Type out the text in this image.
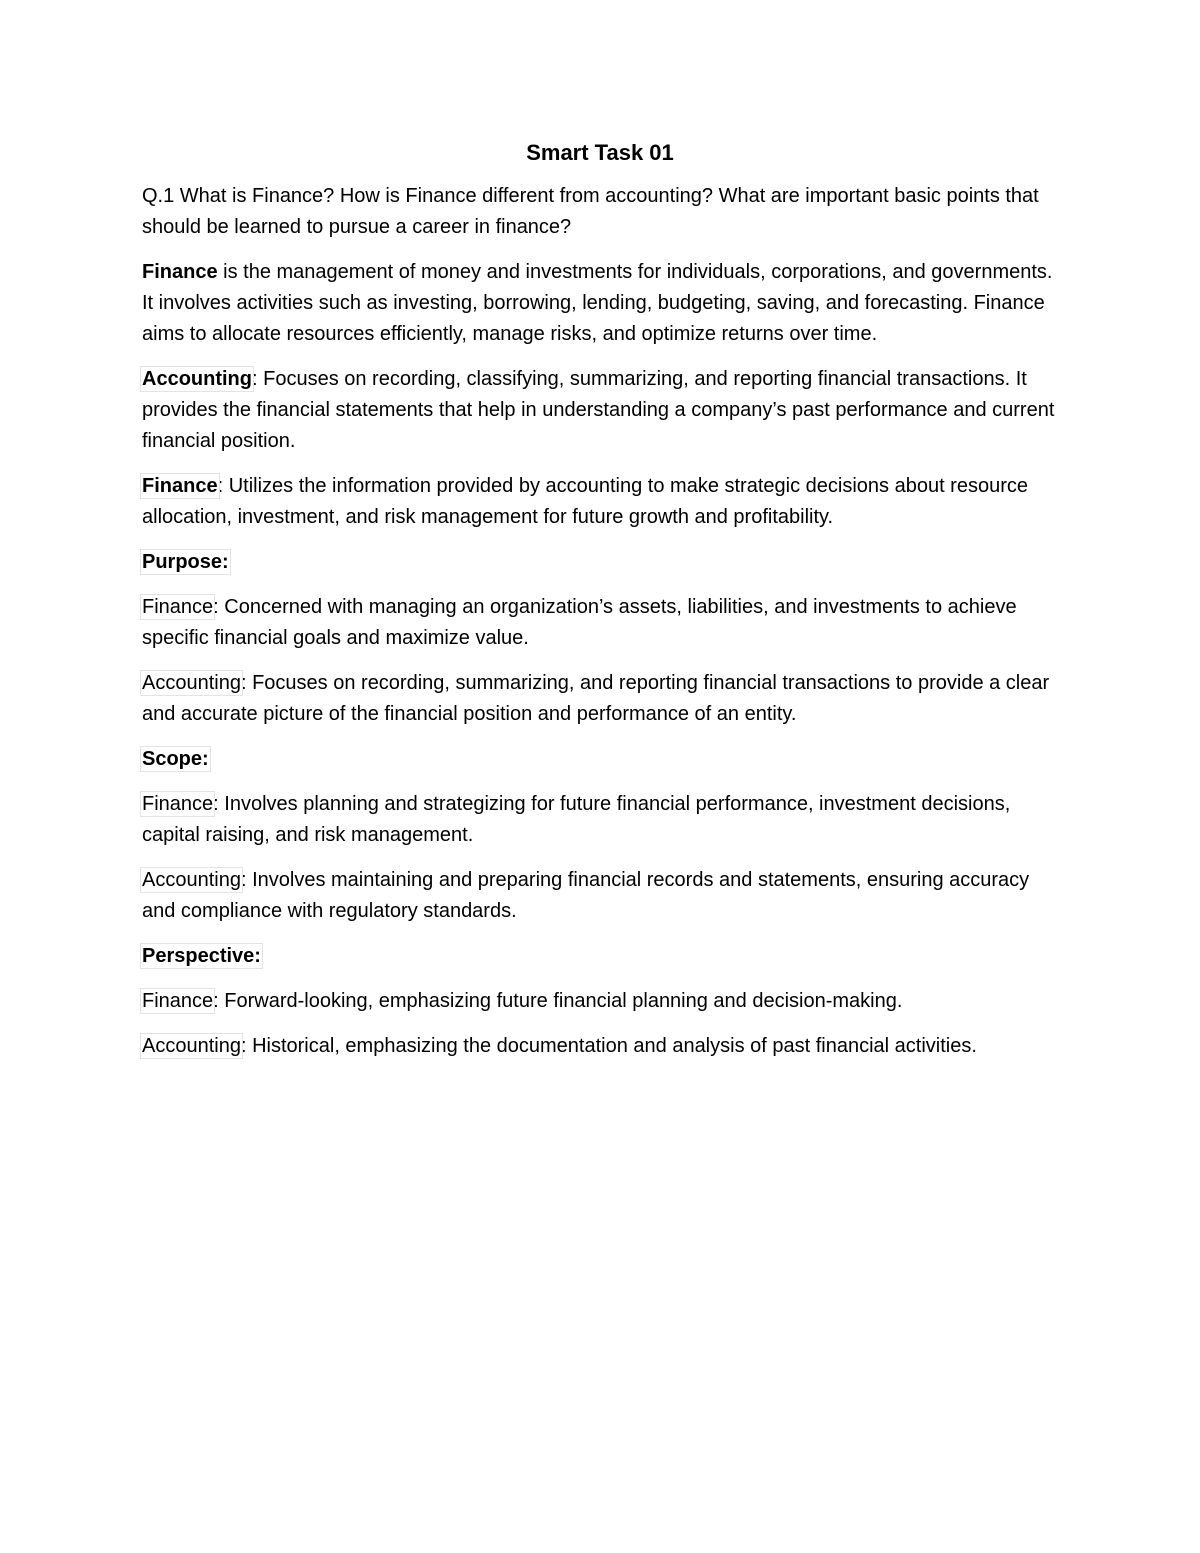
Smart Task 01

Q.1 What is Finance? How is Finance different from accounting? What are important basic points that should be learned to pursue a career in finance?

Finance is the management of money and investments for individuals, corporations, and governments. It involves activities such as investing, borrowing, lending, budgeting, saving, and forecasting. Finance aims to allocate resources efficiently, manage risks, and optimize returns over time.

Accounting: Focuses on recording, classifying, summarizing, and reporting financial transactions. It provides the financial statements that help in understanding a company’s past performance and current financial position.

Finance: Utilizes the information provided by accounting to make strategic decisions about resource allocation, investment, and risk management for future growth and profitability.

Purpose:

Finance: Concerned with managing an organization’s assets, liabilities, and investments to achieve specific financial goals and maximize value.

Accounting: Focuses on recording, summarizing, and reporting financial transactions to provide a clear and accurate picture of the financial position and performance of an entity.

Scope:

Finance: Involves planning and strategizing for future financial performance, investment decisions, capital raising, and risk management.

Accounting: Involves maintaining and preparing financial records and statements, ensuring accuracy and compliance with regulatory standards.

Perspective:

Finance: Forward-looking, emphasizing future financial planning and decision-making.

Accounting: Historical, emphasizing the documentation and analysis of past financial activities.
